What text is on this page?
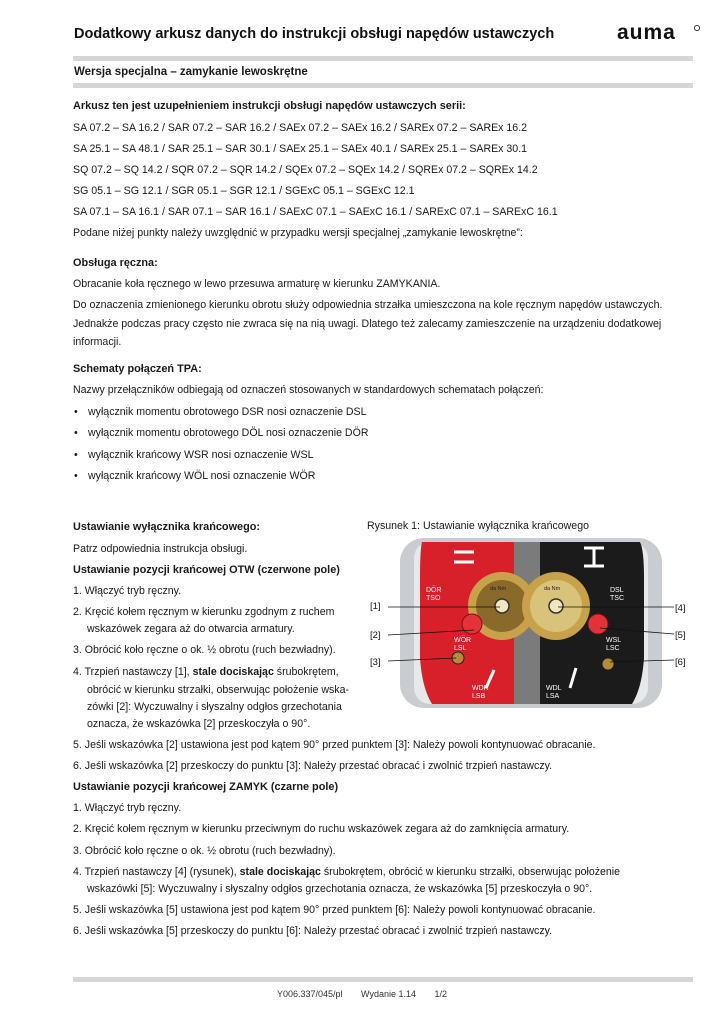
Dodatkowy arkusz danych do instrukcji obsługi napędów ustawczych	auma
Wersja specjalna – zamykanie lewoskrętne
Arkusz ten jest uzupełnieniem instrukcji obsługi napędów ustawczych serii:
SA 07.2 – SA 16.2 / SAR 07.2 – SAR 16.2 / SAEx 07.2 – SAEx 16.2 / SAREx 07.2 – SAREx 16.2
SA 25.1 – SA 48.1 / SAR 25.1 – SAR 30.1 / SAEx 25.1 – SAEx 40.1 / SAREx 25.1 – SAREx 30.1
SQ 07.2 – SQ 14.2 / SQR 07.2 – SQR 14.2 / SQEx 07.2 – SQEx 14.2 / SQREx 07.2 – SQREx 14.2
SG 05.1 – SG 12.1 / SGR 05.1 – SGR 12.1 / SGExC 05.1 – SGExC 12.1
SA 07.1 – SA 16.1 / SAR 07.1 – SAR 16.1 / SAExC 07.1 – SAExC 16.1 / SARExC 07.1 – SARExC 16.1
Podane niżej punkty należy uwzględnić w przypadku wersji specjalnej „zamykanie lewoskrętne”:
Obsługa ręczna:
Obracanie koła ręcznego w lewo przesuwa armaturę w kierunku ZAMYKANIA.
Do oznaczenia zmienionego kierunku obrotu służy odpowiednia strzałka umieszczona na kole ręcznym napędów ustawczych.
Jednakże podczas pracy często nie zwraca się na nią uwagi. Dlatego też zalecamy zamieszczenie na urządzeniu dodatkowej
informacji.
Schematy połączeń TPA:
Nazwy przełączników odbiegają od oznaczeń stosowanych w standardowych schematach połączeń:
• wyłącznik momentu obrotowego DSR nosi oznaczenie DSL
• wyłącznik momentu obrotowego DÖL nosi oznaczenie DÖR
• wyłącznik krańcowy WSR nosi oznaczenie WSL
• wyłącznik krańcowy WÖL nosi oznaczenie WÖR
Ustawianie wyłącznika krańcowego:	Rysunek 1: Ustawianie wyłącznika krańcowego
Patrz odpowiednia instrukcja obsługi.
Ustawianie pozycji krańcowej OTW (czerwone pole)
1. Włączyć tryb ręczny.
2. Kręcić kołem ręcznym w kierunku zgodnym z ruchem
wskazówek zegara aż do otwarcia armatury.
3. Obrócić koło ręczne o ok. ½ obrotu (ruch bezwładny).
4. Trzpień nastawczy [1], stale dociskając śrubokrętem,
obrócić w kierunku strzałki, obserwując położenie wska-
zówki [2]: Wyczuwalny i słyszalny odgłos grzechotania
oznacza, że wskazówka [2] przeskoczyła o 90°.
5. Jeśli wskazówka [2] ustawiona jest pod kątem 90° przed punktem [3]: Należy powoli kontynuować obracanie.
6. Jeśli wskazówka [2] przeskoczy do punktu [3]: Należy przestać obracać i zwolnić trzpień nastawczy.
Ustawianie pozycji krańcowej ZAMYK (czarne pole)
1. Włączyć tryb ręczny.
2. Kręcić kołem ręcznym w kierunku przeciwnym do ruchu wskazówek zegara aż do zamknięcia armatury.
3. Obrócić koło ręczne o ok. ½ obrotu (ruch bezwładny).
4. Trzpień nastawczy [4] (rysunek), stale dociskając śrubokrętem, obrócić w kierunku strzałki, obserwując położenie
wskazówki [5]: Wyczuwalny i słyszalny odgłos grzechotania oznacza, że wskazówka [5] przeskoczyła o 90°.
5. Jeśli wskazówka [5] ustawiona jest pod kątem 90° przed punktem [6]: Należy powoli kontynuować obracanie.
6. Jeśli wskazówka [5] przeskoczy do punktu [6]: Należy przestać obracać i zwolnić trzpień nastawczy.
DÖR
TSO
DSL
TSC
WÖR
LSL
WSL
LSC
WDR
LSB
WDL
LSA
da Nm	da Nm
[1]
[2]
[3]
[4]
[5]
[6]
Y006.337/045/pl Wydanie 1.14 1/2
